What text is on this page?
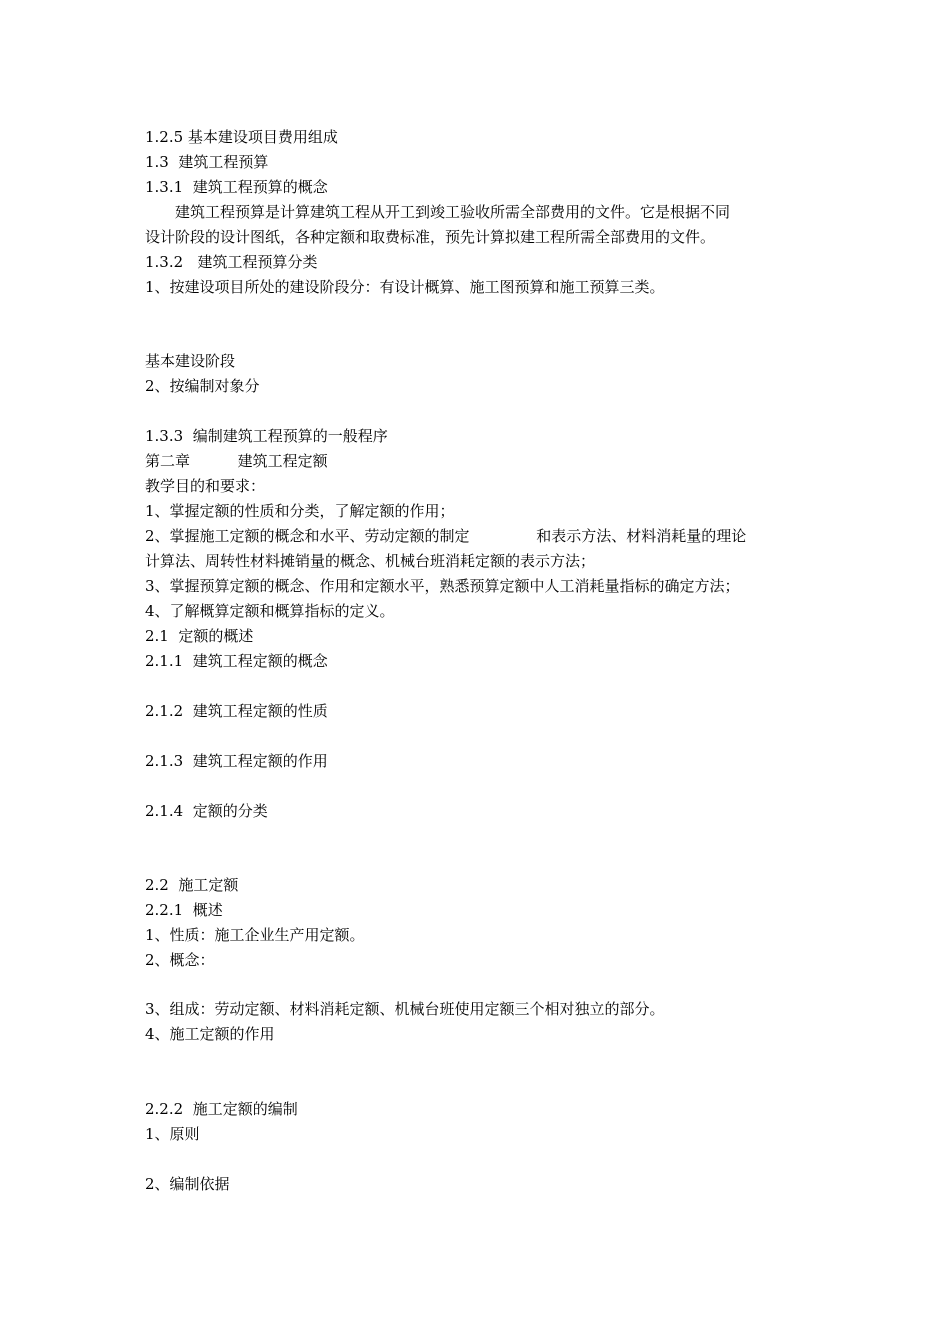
1.2.5 基本建设项目费用组成
1.3  建筑工程预算
1.3.1  建筑工程预算的概念
建筑工程预算是计算建筑工程从开工到竣工验收所需全部费用的文件。它是根据不同
设计阶段的设计图纸，各种定额和取费标准，预先计算拟建工程所需全部费用的文件。
1.3.2   建筑工程预算分类
1、按建设项目所处的建设阶段分：有设计概算、施工图预算和施工预算三类。
基本建设阶段
2、按编制对象分
1.3.3  编制建筑工程预算的一般程序
第二章          建筑工程定额
教学目的和要求：
1、掌握定额的性质和分类，了解定额的作用；
2、掌握施工定额的概念和水平、劳动定额的制定              和表示方法、材料消耗量的理论
计算法、周转性材料摊销量的概念、机械台班消耗定额的表示方法；
3、掌握预算定额的概念、作用和定额水平，熟悉预算定额中人工消耗量指标的确定方法；
4、了解概算定额和概算指标的定义。
2.1  定额的概述
2.1.1  建筑工程定额的概念
2.1.2  建筑工程定额的性质
2.1.3  建筑工程定额的作用
2.1.4  定额的分类
2.2  施工定额
2.2.1  概述
1、性质：施工企业生产用定额。
2、概念：
3、组成：劳动定额、材料消耗定额、机械台班使用定额三个相对独立的部分。
4、施工定额的作用
2.2.2  施工定额的编制
1、原则
2、编制依据
